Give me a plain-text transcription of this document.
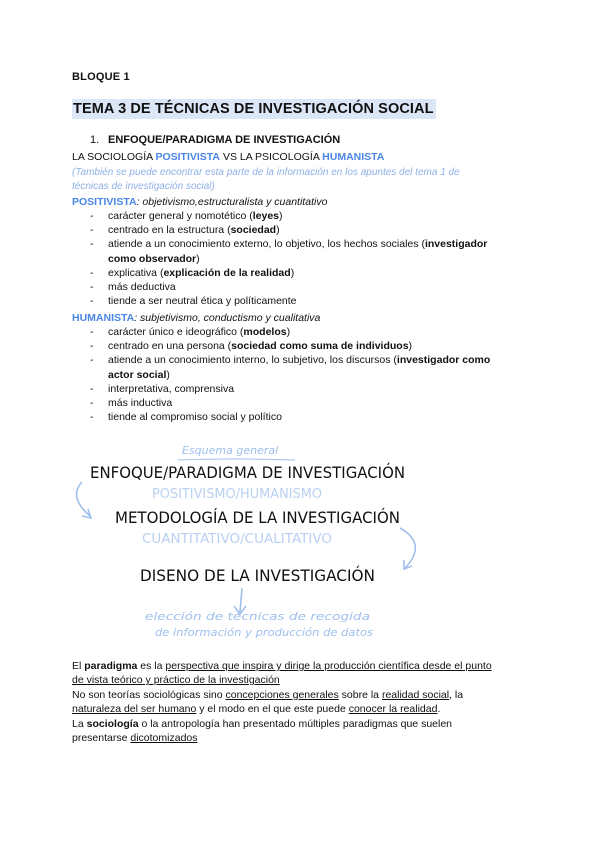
BLOQUE 1
TEMA 3 DE TÉCNICAS DE INVESTIGACIÓN SOCIAL
1. ENFOQUE/PARADIGMA DE INVESTIGACIÓN
LA SOCIOLOGÍA POSITIVISTA VS LA PSICOLOGÍA HUMANISTA
(También se puede encontrar esta parte de la información en los apuntes del tema 1 de
técnicas de investigación social)
POSITIVISTA: objetivismo,estructuralista y cuantitativo
- carácter general y nomotético (leyes)
- centrado en la estructura (sociedad)
- atiende a un conocimiento externo, lo objetivo, los hechos sociales (investigador
como observador)
- explicativa (explicación de la realidad)
- más deductiva
- tiende a ser neutral ética y políticamente
HUMANISTA: subjetivismo, conductismo y cualitativa
- carácter único e ideográfico (modelos)
- centrado en una persona (sociedad como suma de individuos)
- atiende a un conocimiento interno, lo subjetivo, los discursos (investigador como
actor social)
- interpretativa, comprensiva
- más inductiva
- tiende al compromiso social y político
Esquema general
ENFOQUE/PARADIGMA DE INVESTIGACIÓN
POSITIVISMO/HUMANISMO
METODOLOGÍA DE LA INVESTIGACIÓN
CUANTITATIVO/CUALITATIVO
DISENO DE LA INVESTIGACIÓN
elección de técnicas de recogida
de información y producción de datos
El paradigma es la perspectiva que inspira y dirige la producción científica desde el punto
de vista teórico y práctico de la investigación
No son teorías sociológicas sino concepciones generales sobre la realidad social, la
naturaleza del ser humano y el modo en el que este puede conocer la realidad.
La sociología o la antropología han presentado múltiples paradigmas que suelen
presentarse dicotomizados
